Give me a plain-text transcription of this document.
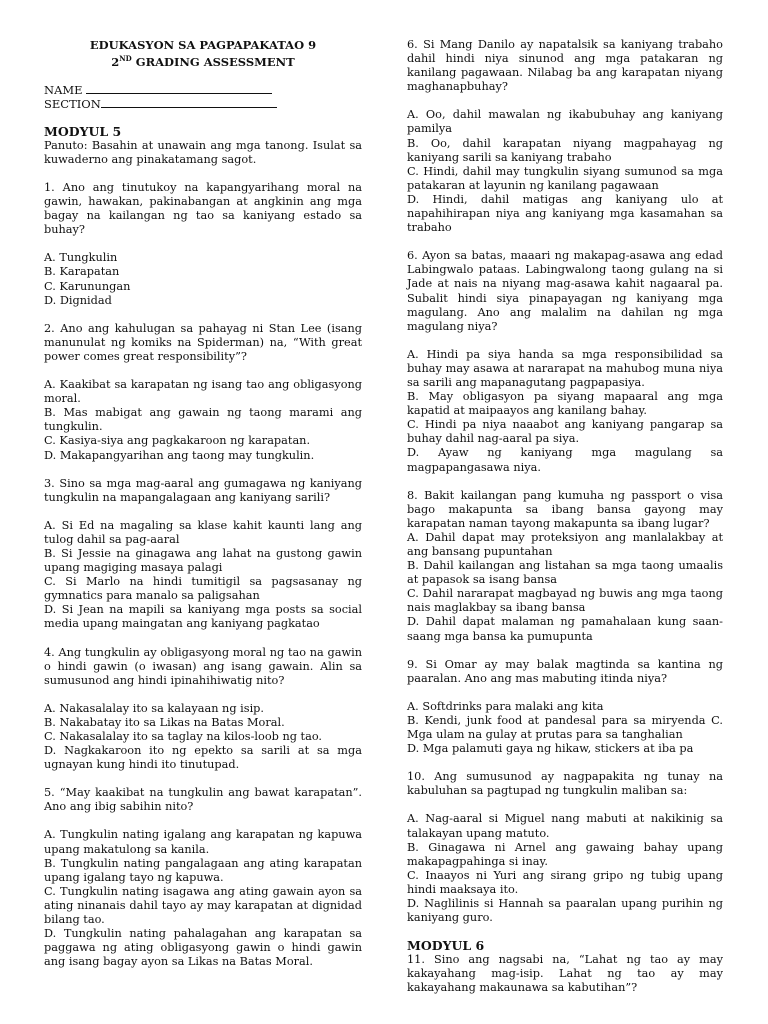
EDUKASYON SA PAGPAPAKATAO 9

2ND GRADING ASSESSMENT

NAME

SECTION

MODYUL 5

Panuto: Basahin at unawain ang mga tanong. Isulat sa kuwaderno ang pinakatamang sagot.

1. Ano ang tinutukoy na kapangyarihang moral na gawin, hawakan, pakinabangan at angkinin ang mga bagay na kailangan ng tao sa kaniyang estado sa buhay?

A. Tungkulin

B. Karapatan

C. Karunungan

D. Dignidad

2. Ano ang kahulugan sa pahayag ni Stan Lee (isang manunulat ng komiks na Spiderman) na, “With great power comes great responsibility”?

A. Kaakibat sa karapatan ng isang tao ang obligasyong moral.

B. Mas mabigat ang gawain ng taong marami ang tungkulin.

C. Kasiya-siya ang pagkakaroon ng karapatan.

D. Makapangyarihan ang taong may tungkulin.

3. Sino sa mga mag-aaral ang gumagawa ng kaniyang tungkulin na mapangalagaan ang kaniyang sarili?

A. Si Ed na magaling sa klase kahit kaunti lang ang tulog dahil sa pag-aaral

B. Si Jessie na ginagawa ang lahat na gustong gawin upang magiging masaya palagi

C. Si Marlo na hindi tumitigil sa pagsasanay ng gymnatics para manalo sa paligsahan

D. Si Jean na mapili sa kaniyang mga posts sa social media upang maingatan ang kaniyang pagkatao

4. Ang tungkulin ay obligasyong moral ng tao na gawin o hindi gawin (o iwasan) ang isang gawain. Alin sa sumusunod ang hindi ipinahihiwatig nito?

A. Nakasalalay ito sa kalayaan ng isip.

B. Nakabatay ito sa Likas na Batas Moral.

C. Nakasalalay ito sa taglay na kilos-loob ng tao.

D. Nagkakaroon ito ng epekto sa sarili at sa mga ugnayan kung hindi ito tinutupad.

5. “May kaakibat na tungkulin ang bawat karapatan”. Ano ang ibig sabihin nito?

A. Tungkulin nating igalang ang karapatan ng kapuwa upang makatulong sa kanila.

B. Tungkulin nating pangalagaan ang ating karapatan upang igalang tayo ng kapuwa.

C. Tungkulin nating isagawa ang ating gawain ayon sa ating ninanais dahil tayo ay may karapatan at dignidad bilang tao.

D. Tungkulin nating pahalagahan ang karapatan sa paggawa ng ating obligasyong gawin o hindi gawin ang isang bagay ayon sa Likas na Batas Moral.

6. Si Mang Danilo ay napatalsik sa kaniyang trabaho dahil hindi niya sinunod ang mga patakaran ng kanilang pagawaan. Nilabag ba ang karapatan niyang maghanapbuhay?

A. Oo, dahil mawalan ng ikabubuhay ang kaniyang pamilya

B. Oo, dahil karapatan niyang magpahayag ng kaniyang sarili sa kaniyang trabaho

C. Hindi, dahil may tungkulin siyang sumunod sa mga patakaran at layunin ng kanilang pagawaan

D. Hindi, dahil matigas ang kaniyang ulo at napahihirapan niya ang kaniyang mga kasamahan sa trabaho

6. Ayon sa batas, maaari ng makapag-asawa ang edad Labingwalo pataas. Labingwalong taong gulang na si Jade at nais na niyang mag-asawa kahit nagaaral pa. Subalit hindi siya pinapayagan ng kaniyang mga magulang. Ano ang malalim na dahilan ng mga magulang niya?

A. Hindi pa siya handa sa mga responsibilidad sa buhay may asawa at nararapat na mahubog muna niya sa sarili ang mapanagutang pagpapasiya.

B. May obligasyon pa siyang mapaaral ang mga kapatid at maipaayos ang kanilang bahay.

C. Hindi pa niya naaabot ang kaniyang pangarap sa buhay dahil nag-aaral pa siya.

D. Ayaw ng kaniyang mga magulang sa magpapangasawa niya.

8. Bakit kailangan pang kumuha ng passport o visa bago makapunta sa ibang bansa gayong may karapatan naman tayong makapunta sa ibang lugar?

A. Dahil dapat may proteksiyon ang manlalakbay at ang bansang pupuntahan

B. Dahil kailangan ang listahan sa mga taong umaalis at papasok sa isang bansa

C. Dahil nararapat magbayad ng buwis ang mga taong nais maglakbay sa ibang bansa

D. Dahil dapat malaman ng pamahalaan kung saan-saang mga bansa ka pumupunta

9. Si Omar ay may balak magtinda sa kantina ng paaralan. Ano ang mas mabuting itinda niya?

A. Softdrinks para malaki ang kita

B. Kendi, junk food at pandesal para sa miryenda C. Mga ulam na gulay at prutas para sa tanghalian

D. Mga palamuti gaya ng hikaw, stickers at iba pa

10. Ang sumusunod ay nagpapakita ng tunay na kabuluhan sa pagtupad ng tungkulin maliban sa:

A. Nag-aaral si Miguel nang mabuti at nakikinig sa talakayan upang matuto.

B. Ginagawa ni Arnel ang gawaing bahay upang makapagpahinga si inay.

C. Inaayos ni Yuri ang sirang gripo ng tubig upang hindi maaksaya ito.

D. Naglilinis si Hannah sa paaralan upang purihin ng kaniyang guro.

MODYUL 6

11. Sino ang nagsabi na, “Lahat ng tao ay may kakayahang mag-isip. Lahat ng tao ay may kakayahang makaunawa sa kabutihan”?
